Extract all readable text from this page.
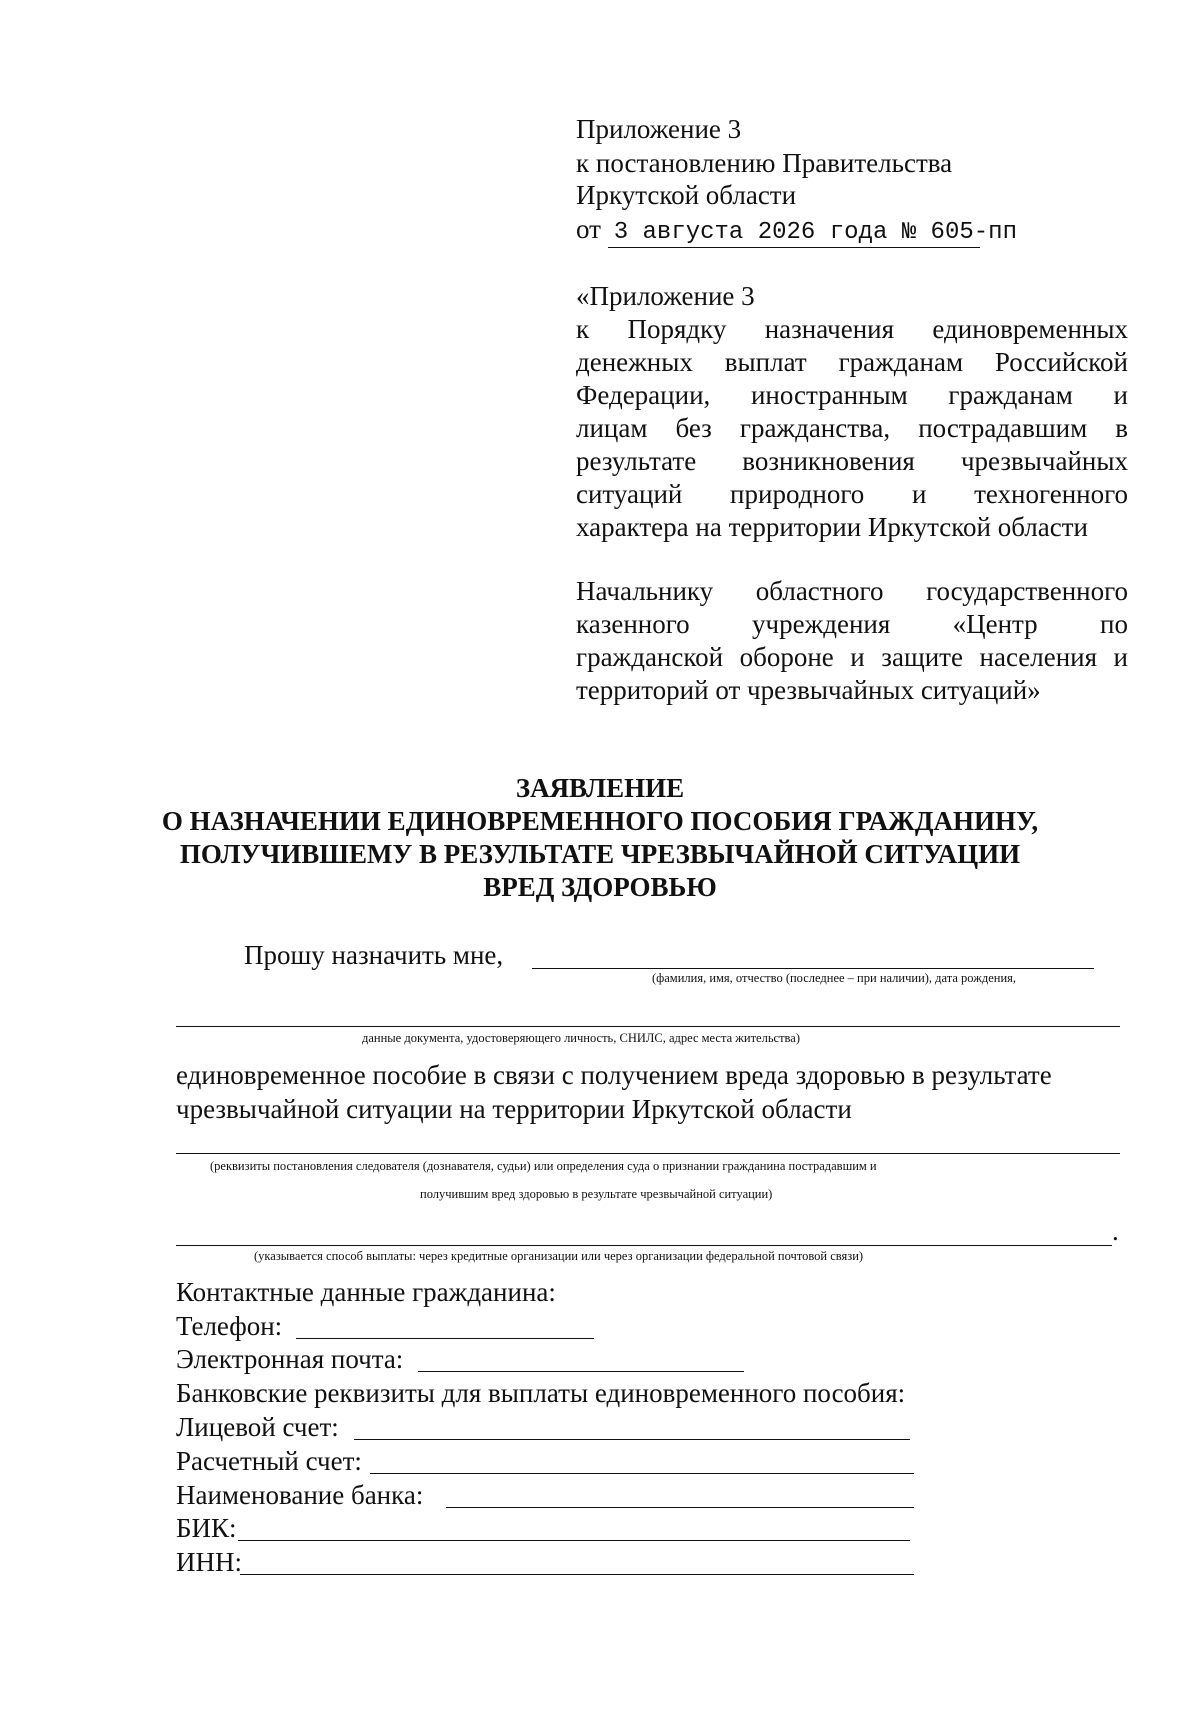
Приложение 3
к постановлению Правительства
Иркутской области
от 3 августа 2026 года № 605-пп
«Приложение 3
к Порядку назначения единовременных
денежных выплат гражданам Российской
Федерации, иностранным гражданам и
лицам без гражданства, пострадавшим в
результате возникновения чрезвычайных
ситуаций природного и техногенного
характера на территории Иркутской области
Начальнику областного государственного
казенного учреждения «Центр по
гражданской обороне и защите населения и
территорий от чрезвычайных ситуаций»
ЗАЯВЛЕНИЕ
О НАЗНАЧЕНИИ ЕДИНОВРЕМЕННОГО ПОСОБИЯ ГРАЖДАНИНУ,
ПОЛУЧИВШЕМУ В РЕЗУЛЬТАТЕ ЧРЕЗВЫЧАЙНОЙ СИТУАЦИИ
ВРЕД ЗДОРОВЬЮ
Прошу назначить мне,
(фамилия, имя, отчество (последнее – при наличии), дата рождения,
данные документа, удостоверяющего личность, СНИЛС, адрес места жительства)
единовременное пособие в связи с получением вреда здоровью в результате
чрезвычайной ситуации на территории Иркутской области
(реквизиты постановления следователя (дознавателя, судьи) или определения суда о признании гражданина пострадавшим и
получившим вред здоровью в результате чрезвычайной ситуации)
.
(указывается способ выплаты: через кредитные организации или через организации федеральной почтовой связи)
Контактные данные гражданина:
Телефон:
Электронная почта:
Банковские реквизиты для выплаты единовременного пособия:
Лицевой счет:
Расчетный счет:
Наименование банка:
БИК:
ИНН:
